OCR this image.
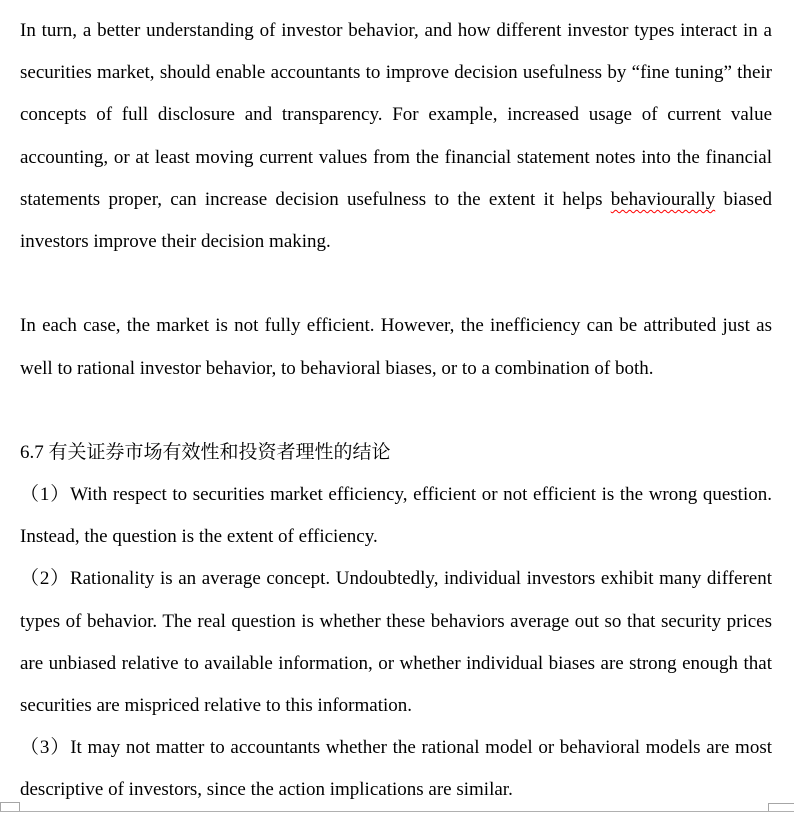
In turn, a better understanding of investor behavior, and how different investor types interact in a
securities market, should enable accountants to improve decision usefulness by “fine tuning” their
concepts of full disclosure and transparency. For example, increased usage of current value
accounting, or at least moving current values from the financial statement notes into the financial
statements proper, can increase decision usefulness to the extent it helps behaviourally biased
investors improve their decision making.
In each case, the market is not fully efficient. However, the inefficiency can be attributed just as
well to rational investor behavior, to behavioral biases, or to a combination of both.
6.7 有关证券市场有效性和投资者理性的结论
（1）With respect to securities market efficiency, efficient or not efficient is the wrong question.
Instead, the question is the extent of efficiency.
（2）Rationality is an average concept. Undoubtedly, individual investors exhibit many different
types of behavior. The real question is whether these behaviors average out so that security prices
are unbiased relative to available information, or whether individual biases are strong enough that
securities are mispriced relative to this information.
（3）It may not matter to accountants whether the rational model or behavioral models are most
descriptive of investors, since the action implications are similar.
